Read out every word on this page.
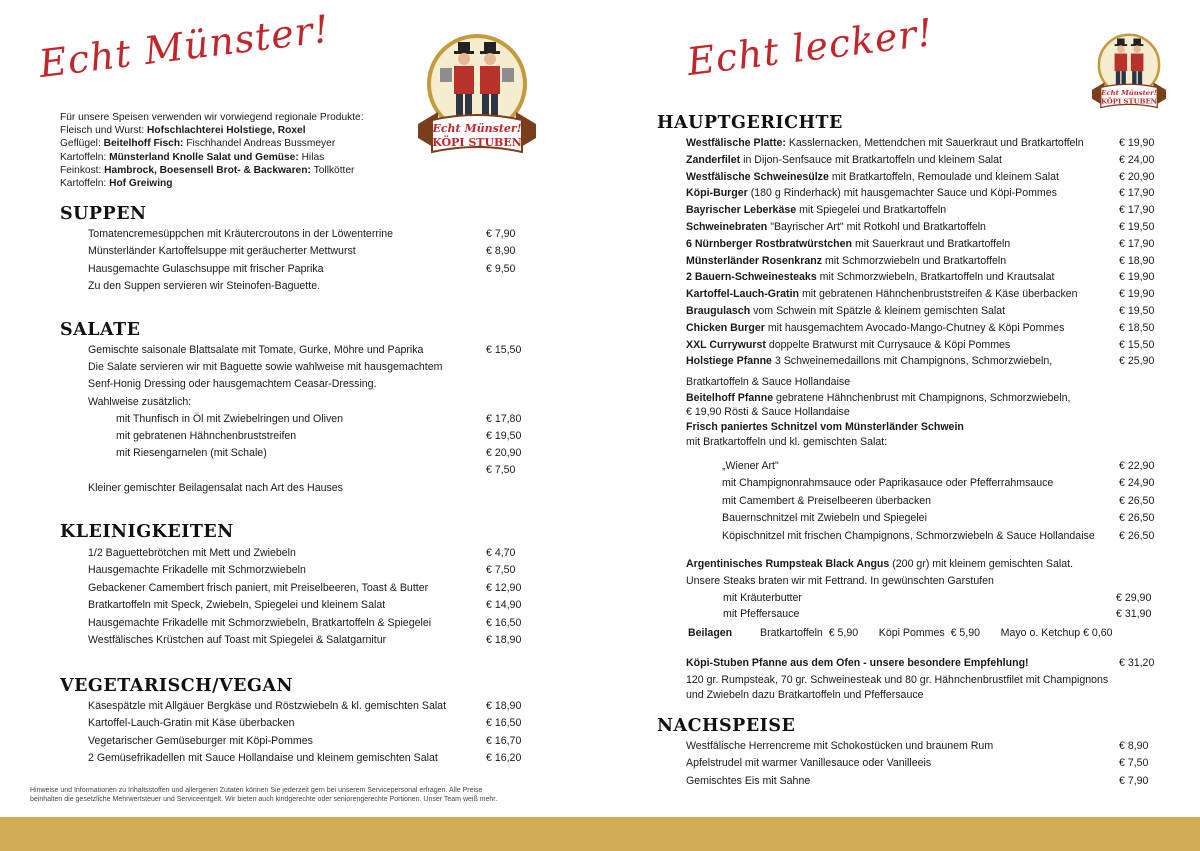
Echt Münster!
Echt Münster!
KÖPI STUBEN
Für unsere Speisen verwenden wir vorwiegend regionale Produkte:
Fleisch und Wurst: Hofschlachterei Holstiege, Roxel
Geflügel: Beitelhoff Fisch: Fischhandel Andreas Bussmeyer
Kartoffeln: Münsterland Knolle Salat und Gemüse: Hilas
Feinkost: Hambrock, Boesensell Brot- & Backwaren: Tollkötter
Kartoffeln: Hof Greiwing
SUPPEN
Tomatencremesüppchen mit Kräutercroutons in der Löwenterrine	€ 7,90
Münsterländer Kartoffelsuppe mit geräucherter Mettwurst	€ 8,90
Hausgemachte Gulaschsuppe mit frischer Paprika	€ 9,50
Zu den Suppen servieren wir Steinofen-Baguette.
SALATE
Gemischte saisonale Blattsalate mit Tomate, Gurke, Möhre und Paprika	€ 15,50
Die Salate servieren wir mit Baguette sowie wahlweise mit hausgemachtem
Senf-Honig Dressing oder hausgemachtem Ceasar-Dressing.
Wahlweise zusätzlich:
mit Thunfisch in Öl mit Zwiebelringen und Oliven	€ 17,80
mit gebratenen Hähnchenbruststreifen	€ 19,50
mit Riesengarnelen (mit Schale)	€ 20,90
€ 7,50
Kleiner gemischter Beilagensalat nach Art des Hauses
KLEINIGKEITEN
1/2 Baguettebrötchen mit Mett und Zwiebeln	€ 4,70
Hausgemachte Frikadelle mit Schmorzwiebeln	€ 7,50
Gebackener Camembert frisch paniert, mit Preiselbeeren, Toast & Butter	€ 12,90
Bratkartoffeln mit Speck, Zwiebeln, Spiegelei und kleinem Salat	€ 14,90
Hausgemachte Frikadelle mit Schmorzwiebeln, Bratkartoffeln & Spiegelei	€ 16,50
Westfälisches Krüstchen auf Toast mit Spiegelei & Salatgarnitur	€ 18,90
VEGETARISCH/VEGAN
Käsespätzle mit Allgäuer Bergkäse und Röstzwiebeln & kl. gemischten Salat	€ 18,90
Kartoffel-Lauch-Gratin mit Käse überbacken	€ 16,50
Vegetarischer Gemüseburger mit Köpi-Pommes	€ 16,70
2 Gemüsefrikadellen mit Sauce Hollandaise und kleinem gemischten Salat	€ 16,20
Hinweise und Informationen zu Inhaltsstoffen und allergenen Zutaten können Sie jederzeit gern bei unserem Servicepersonal erfragen. Alle Preise
beinhalten die gesetzliche Mehrwertsteuer und Serviceentgelt. Wir bieten auch kindgerechte oder seniorengerechte Portionen. Unser Team weiß mehr.
Echt lecker!
Echt Münster!
KÖPI STUBEN
HAUPTGERICHTE
Westfälische Platte: Kasslernacken, Mettendchen mit Sauerkraut und Bratkartoffeln	€ 19,90
Zanderfilet in Dijon-Senfsauce mit Bratkartoffeln und kleinem Salat	€ 24,00
Westfälische Schweinesülze mit Bratkartoffeln, Remoulade und kleinem Salat	€ 20,90
Köpi-Burger (180 g Rinderhack) mit hausgemachter Sauce und Köpi-Pommes	€ 17,90
Bayrischer Leberkäse mit Spiegelei und Bratkartoffeln	€ 17,90
Schweinebraten "Bayrischer Art" mit Rotkohl und Bratkartoffeln	€ 19,50
6 Nürnberger Rostbratwürstchen mit Sauerkraut und Bratkartoffeln	€ 17,90
Münsterländer Rosenkranz mit Schmorzwiebeln und Bratkartoffeln	€ 18,90
2 Bauern-Schweinesteaks mit Schmorzwiebeln, Bratkartoffeln und Krautsalat	€ 19,90
Kartoffel-Lauch-Gratin mit gebratenen Hähnchenbruststreifen & Käse überbacken	€ 19,90
Braugulasch vom Schwein mit Spätzle & kleinem gemischten Salat	€ 19,50
Chicken Burger mit hausgemachtem Avocado-Mango-Chutney & Köpi Pommes	€ 18,50
XXL Currywurst doppelte Bratwurst mit Currysauce & Köpi Pommes	€ 15,50
Holstiege Pfanne 3 Schweinemedaillons mit Champignons, Schmorzwiebeln,	€ 25,90
Bratkartoffeln & Sauce Hollandaise
Beitelhoff Pfanne gebratene Hähnchenbrust mit Champignons, Schmorzwiebeln,
€ 19,90 Rösti & Sauce Hollandaise
Frisch paniertes Schnitzel vom Münsterländer Schwein
mit Bratkartoffeln und kl. gemischten Salat:
„Wiener Art"	€ 22,90
mit Champignonrahmsauce oder Paprikasauce oder Pfefferrahmsauce	€ 24,90
mit Camembert & Preiselbeeren überbacken	€ 26,50
Bauernschnitzel mit Zwiebeln und Spiegelei	€ 26,50
Köpischnitzel mit frischen Champignons, Schmorzwiebeln & Sauce Hollandaise € 26,50
Argentinisches Rumpsteak Black Angus (200 gr) mit kleinem gemischten Salat.
Unsere Steaks braten wir mit Fettrand. In gewünschten Garstufen
mit Kräuterbutter	€ 29,90
mit Pfeffersauce	€ 31,90
Beilagen	Bratkartoffeln  € 5,90       Köpi Pommes  € 5,90       Mayo o. Ketchup € 0,60
Köpi-Stuben Pfanne aus dem Ofen - unsere besondere Empfehlung!	€ 31,20
120 gr. Rumpsteak, 70 gr. Schweinesteak und 80 gr. Hähnchenbrustfilet mit Champignons
und Zwiebeln dazu Bratkartoffeln und Pfeffersauce
NACHSPEISE
Westfälische Herrencreme mit Schokostücken und braunem Rum	€ 8,90
Apfelstrudel mit warmer Vanillesauce oder Vanilleeis	€ 7,50
Gemischtes Eis mit Sahne	€ 7,90
